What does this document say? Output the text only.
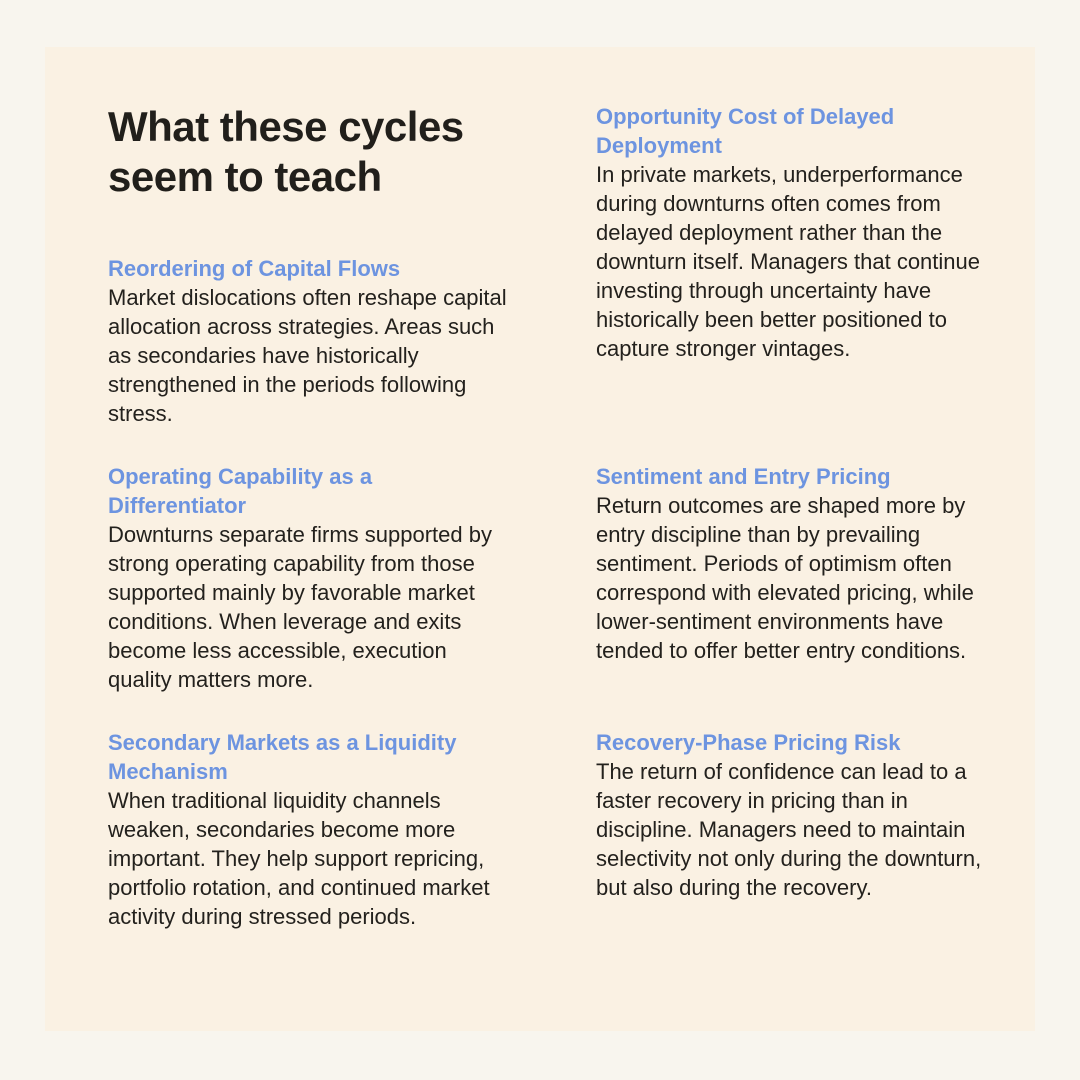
What these cycles seem to teach
Reordering of Capital Flows

Market dislocations often reshape capital allocation across strategies. Areas such as secondaries have historically strengthened in the periods following stress.

Opportunity Cost of Delayed Deployment

In private markets, underperformance during downturns often comes from delayed deployment rather than the downturn itself. Managers that continue investing through uncertainty have historically been better positioned to capture stronger vintages.

Operating Capability as a Differentiator

Downturns separate firms supported by strong operating capability from those supported mainly by favorable market conditions. When leverage and exits become less accessible, execution quality matters more.

Sentiment and Entry Pricing

Return outcomes are shaped more by entry discipline than by prevailing sentiment. Periods of optimism often correspond with elevated pricing, while lower-sentiment environments have tended to offer better entry conditions.

Secondary Markets as a Liquidity Mechanism

When traditional liquidity channels weaken, secondaries become more important. They help support repricing, portfolio rotation, and continued market activity during stressed periods.

Recovery-Phase Pricing Risk

The return of confidence can lead to a faster recovery in pricing than in discipline. Managers need to maintain selectivity not only during the downturn, but also during the recovery.
